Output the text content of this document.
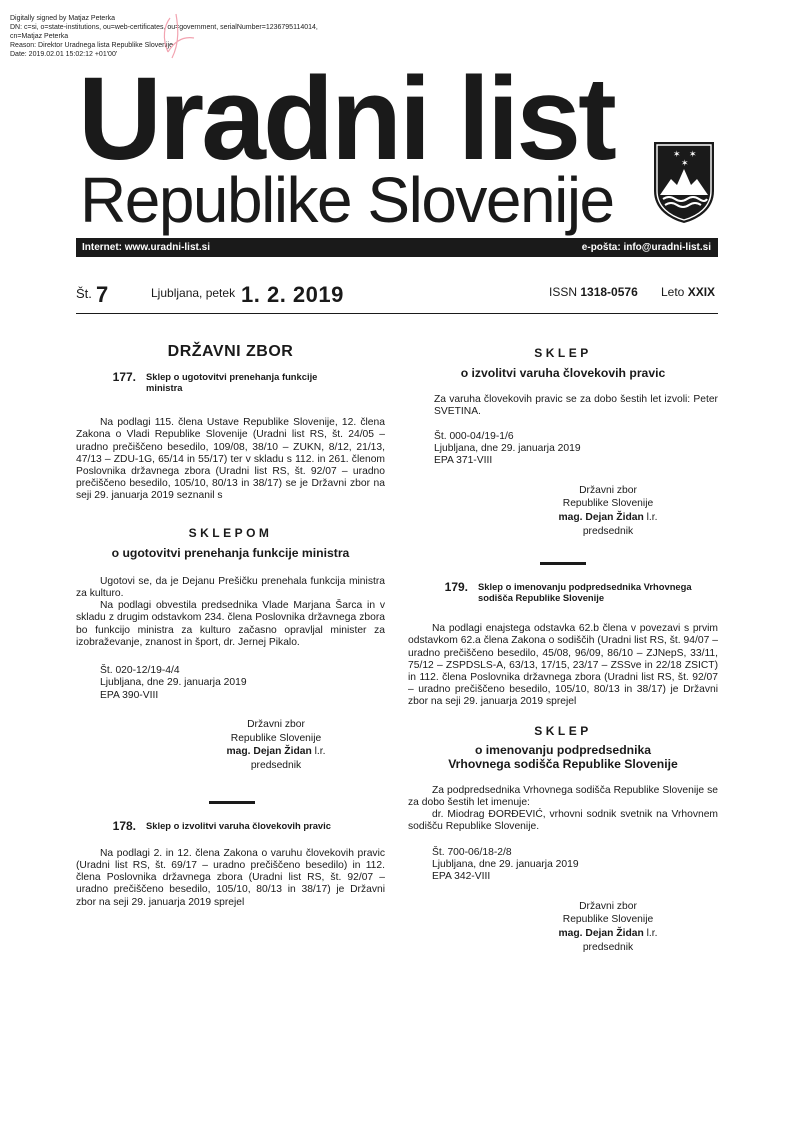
Digitally signed by Matjaz Peterka
DN: c=si, o=state-institutions, ou=web-certificates, ou=government, serialNumber=1236795114014,
cn=Matjaz Peterka
Reason: Direktor Uradnega lista Republike Slovenije
Date: 2019.02.01 15:02:12 +01'00'
Uradni list
Republike Slovenije
✶ ✶
✶
Internet: www.uradni-list.si	e-pošta: info@uradni-list.si
Št. 7	Ljubljana, petek 1. 2. 2019	ISSN 1318-0576 Leto XXIX
DRŽAVNI ZBOR
177.	Sklep o ugotovitvi prenehanja funkcije ministra
Na podlagi 115. člena Ustave Republike Slovenije, 12. člena Zakona o Vladi Republike Slovenije (Uradni list RS, št. 24/05 – uradno prečiščeno besedilo, 109/08, 38/10 – ZUKN, 8/12, 21/13, 47/13 – ZDU-1G, 65/14 in 55/17) ter v skladu s 112. in 261. členom Poslovnika državnega zbora (Uradni list RS, št. 92/07 – uradno prečiščeno besedilo, 105/10, 80/13 in 38/17) se je Državni zbor na seji 29. januarja 2019 seznanil s
SKLEPOM
o ugotovitvi prenehanja funkcije ministra
Ugotovi se, da je Dejanu Prešičku prenehala funkcija ministra za kulturo.
Na podlagi obvestila predsednika Vlade Marjana Šarca in v skladu z drugim odstavkom 234. člena Poslovnika državnega zbora bo funkcijo ministra za kulturo začasno opravljal minister za izobraževanje, znanost in šport, dr. Jernej Pikalo.
Št. 020-12/19-4/4
Ljubljana, dne 29. januarja 2019
EPA 390-VIII
Državni zbor
Republike Slovenije
mag. Dejan Židan l.r.
predsednik
178.	Sklep o izvolitvi varuha človekovih pravic
Na podlagi 2. in 12. člena Zakona o varuhu človekovih pravic (Uradni list RS, št. 69/17 – uradno prečiščeno besedilo) in 112. člena Poslovnika državnega zbora (Uradni list RS, št. 92/07 – uradno prečiščeno besedilo, 105/10, 80/13 in 38/17) je Državni zbor na seji 29. januarja 2019 sprejel
SKLEP
o izvolitvi varuha človekovih pravic
Za varuha človekovih pravic se za dobo šestih let izvoli: Peter SVETINA.
Št. 000-04/19-1/6
Ljubljana, dne 29. januarja 2019
EPA 371-VIII
Državni zbor
Republike Slovenije
mag. Dejan Židan l.r.
predsednik
179.	Sklep o imenovanju podpredsednika Vrhovnega sodišča Republike Slovenije
Na podlagi enajstega odstavka 62.b člena v povezavi s prvim odstavkom 62.a člena Zakona o sodiščih (Uradni list RS, št. 94/07 – uradno prečiščeno besedilo, 45/08, 96/09, 86/10 – ZJNepS, 33/11, 75/12 – ZSPDSLS-A, 63/13, 17/15, 23/17 – ZSSve in 22/18 ZSICT) in 112. člena Poslovnika državnega zbora (Uradni list RS, št. 92/07 – uradno prečiščeno besedilo, 105/10, 80/13 in 38/17) je Državni zbor na seji 29. januarja 2019 sprejel
SKLEP
o imenovanju podpredsednika
Vrhovnega sodišča Republike Slovenije
Za podpredsednika Vrhovnega sodišča Republike Slovenije se za dobo šestih let imenuje:
dr. Miodrag ĐORĐEVIĆ, vrhovni sodnik svetnik na Vrhovnem sodišču Republike Slovenije.
Št. 700-06/18-2/8
Ljubljana, dne 29. januarja 2019
EPA 342-VIII
Državni zbor
Republike Slovenije
mag. Dejan Židan l.r.
predsednik
